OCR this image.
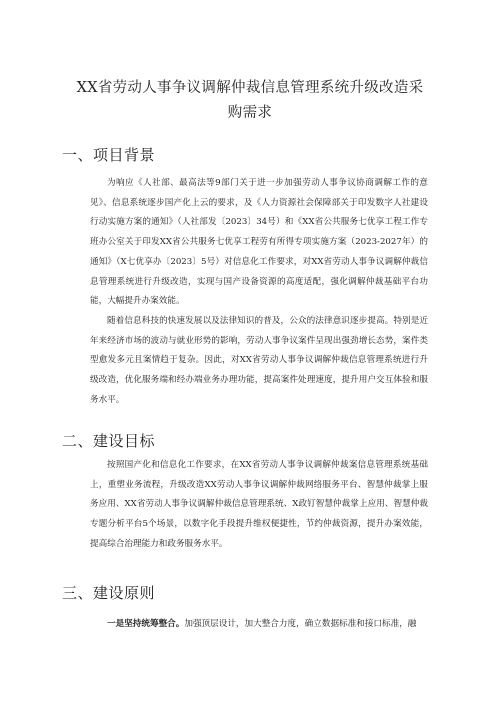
XX省劳动人事争议调解仲裁信息管理系统升级改造采购需求
一、项目背景

为响应《人社部、最高法等9部门关于进一步加强劳动人事争议协商调解工作的意见》、信息系统逐步国产化上云的要求，及《人力资源社会保障部关于印发数字人社建设行动实施方案的通知》（人社部发〔2023〕34号）和《XX省公共服务七优享工程工作专班办公室关于印发XX省公共服务七优享工程劳有所得专项实施方案（2023-2027年）的通知》（X七优享办〔2023〕5号）对信息化工作要求，对XX省劳动人事争议调解仲裁信息管理系统进行升级改造，实现与国产设备资源的高度适配，强化调解仲裁基础平台功能，大幅提升办案效能。

随着信息科技的快速发展以及法律知识的普及，公众的法律意识逐步提高。特别是近年来经济市场的波动与就业形势的影响，劳动人事争议案件呈现出强劲增长态势，案件类型愈发多元且案情趋于复杂。因此，对XX省劳动人事争议调解仲裁信息管理系统进行升级改造，优化服务端和经办端业务办理功能，提高案件处理速度，提升用户交互体验和服务水平。

二、建设目标

按照国产化和信息化工作要求，在XX省劳动人事争议调解仲裁案信息管理系统基础上，重塑业务流程，升级改造XX劳动人事争议调解仲裁网络服务平台、智慧仲裁掌上服务应用、XX省劳动人事争议调解仲裁信息管理系统、X政钉智慧仲裁掌上应用、智慧仲裁专题分析平台5个场景，以数字化手段提升维权便捷性，节约仲裁资源，提升办案效能，提高综合治理能力和政务服务水平。

三、建设原则

一是坚持统筹整合。加强顶层设计，加大整合力度，确立数据标准和接口标准，融
